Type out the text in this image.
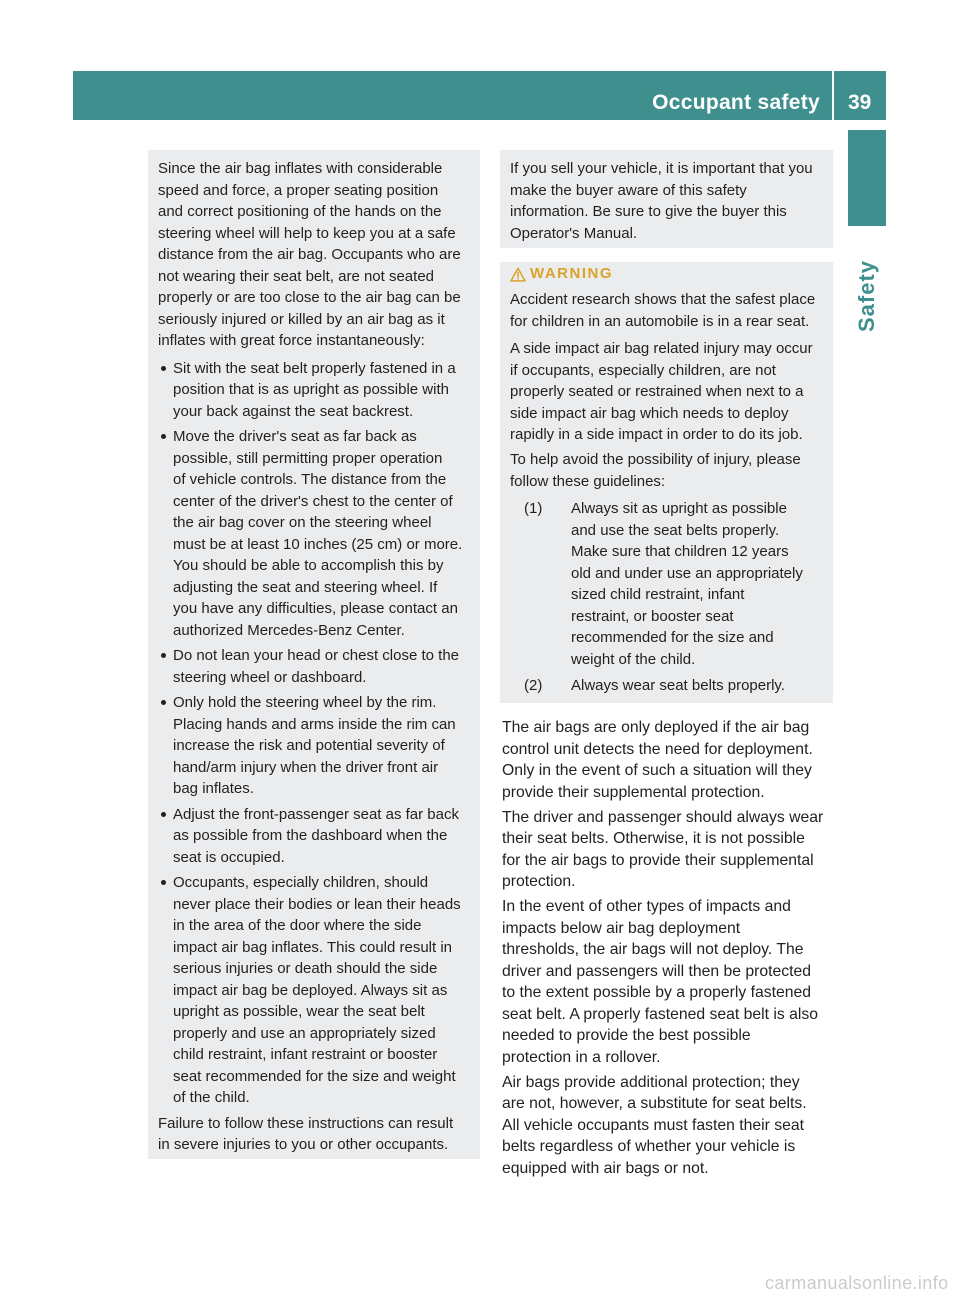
Occupant safety 39
Safety

Since the air bag inflates with considerable
speed and force, a proper seating position
and correct positioning of the hands on the
steering wheel will help to keep you at a safe
distance from the air bag. Occupants who are
not wearing their seat belt, are not seated
properly or are too close to the air bag can be
seriously injured or killed by an air bag as it
inflates with great force instantaneously:

Sit with the seat belt properly fastened in a
position that is as upright as possible with
your back against the seat backrest.

Move the driver's seat as far back as
possible, still permitting proper operation
of vehicle controls. The distance from the
center of the driver's chest to the center of
the air bag cover on the steering wheel
must be at least 10 inches (25 cm) or more.
You should be able to accomplish this by
adjusting the seat and steering wheel. If
you have any difficulties, please contact an
authorized Mercedes-Benz Center.

Do not lean your head or chest close to the
steering wheel or dashboard.

Only hold the steering wheel by the rim.
Placing hands and arms inside the rim can
increase the risk and potential severity of
hand/arm injury when the driver front air
bag inflates.

Adjust the front-passenger seat as far back
as possible from the dashboard when the
seat is occupied.

Occupants, especially children, should
never place their bodies or lean their heads
in the area of the door where the side
impact air bag inflates. This could result in
serious injuries or death should the side
impact air bag be deployed. Always sit as
upright as possible, wear the seat belt
properly and use an appropriately sized
child restraint, infant restraint or booster
seat recommended for the size and weight
of the child.

Failure to follow these instructions can result
in severe injuries to you or other occupants.

If you sell your vehicle, it is important that you
make the buyer aware of this safety
information. Be sure to give the buyer this
Operator's Manual.

WARNING

Accident research shows that the safest place
for children in an automobile is in a rear seat.

A side impact air bag related injury may occur
if occupants, especially children, are not
properly seated or restrained when next to a
side impact air bag which needs to deploy
rapidly in a side impact in order to do its job.

To help avoid the possibility of injury, please
follow these guidelines:

(1)	Always sit as upright as possible
and use the seat belts properly.
Make sure that children 12 years
old and under use an appropriately
sized child restraint, infant
restraint, or booster seat
recommended for the size and
weight of the child.
(2)	Always wear seat belts properly.

The air bags are only deployed if the air bag
control unit detects the need for deployment.
Only in the event of such a situation will they
provide their supplemental protection.

The driver and passenger should always wear
their seat belts. Otherwise, it is not possible
for the air bags to provide their supplemental
protection.

In the event of other types of impacts and
impacts below air bag deployment
thresholds, the air bags will not deploy. The
driver and passengers will then be protected
to the extent possible by a properly fastened
seat belt. A properly fastened seat belt is also
needed to provide the best possible
protection in a rollover.

Air bags provide additional protection; they
are not, however, a substitute for seat belts.
All vehicle occupants must fasten their seat
belts regardless of whether your vehicle is
equipped with air bags or not.

carmanualsonline.info
